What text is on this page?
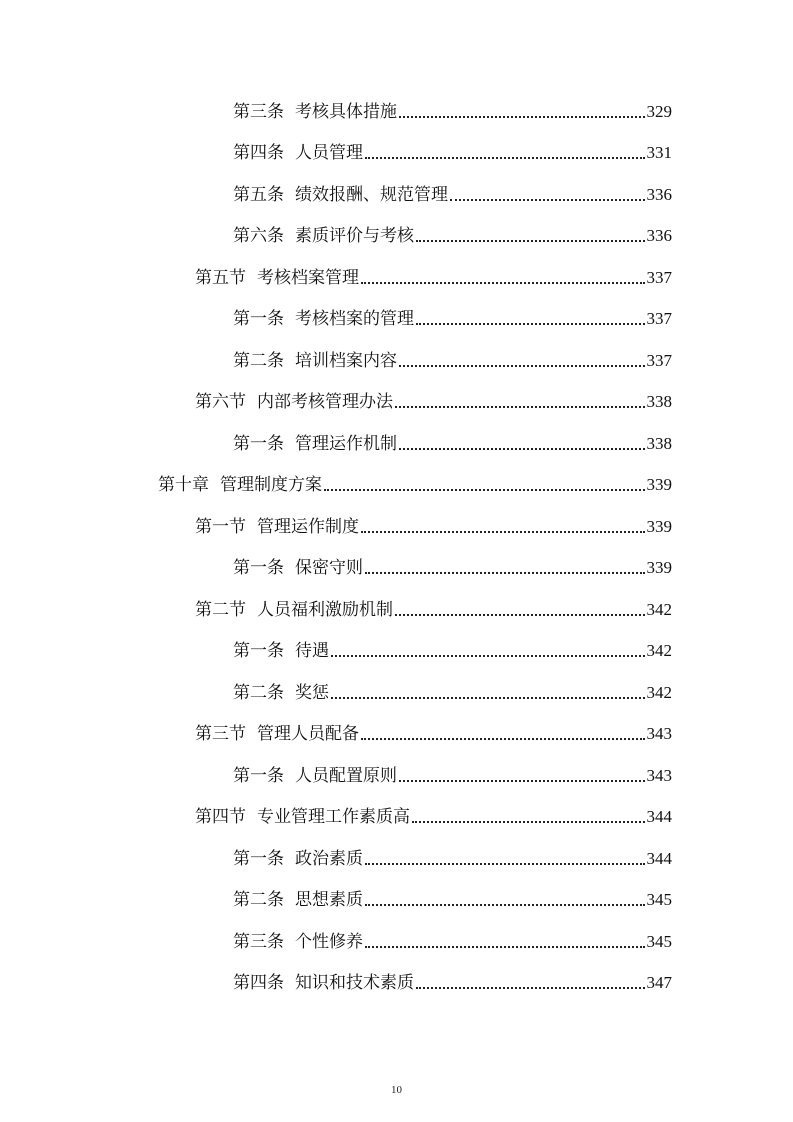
第三条 考核具体措施	329
第四条 人员管理	331
第五条 绩效报酬、规范管理	336
第六条 素质评价与考核	336
第五节 考核档案管理	337
第一条 考核档案的管理	337
第二条 培训档案内容	337
第六节 内部考核管理办法	338
第一条 管理运作机制	338
第十章 管理制度方案	339
第一节 管理运作制度	339
第一条 保密守则	339
第二节 人员福利激励机制	342
第一条 待遇	342
第二条 奖惩	342
第三节 管理人员配备	343
第一条 人员配置原则	343
第四节 专业管理工作素质高	344
第一条 政治素质	344
第二条 思想素质	345
第三条 个性修养	345
第四条 知识和技术素质	347
10
